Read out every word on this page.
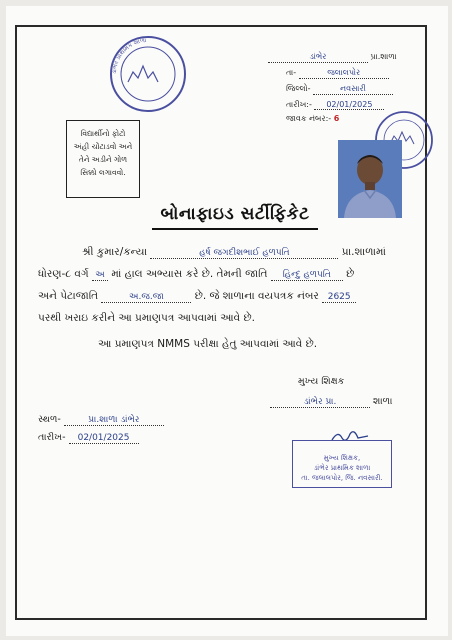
ડાંભેર પ્રાથમિક શાળા
ડાંભેર	પ્રા.શાળા
તા-	જલાલપોર
જિલ્લો-	નવસારી
તારીખ:- 02/01/2025
જાવક નંબર:- 6
વિદ્યાર્થીનો ફોટો
અંહી ચોંટાડવો અને
તેને અડીને ગોળ
સિક્કો લગાવવો.
બોનાફાઇડ સર્ટીફિકેટ
શ્રી કુમાર/કન્યા	હર્ષ જગદીશભાઈ હળપતિ	પ્રા.શાળામાં
ધોરણ-૮ વર્ગ અ માં હાલ અભ્યાસ કરે છે. તેમની જાતિ હિન્દુ હળપતિ છે
અને પેટાજાતિ	અ.જ.જા	છે. જે શાળાના વયપત્રક નંબર 2625
પરથી ખરાઇ કરીને આ પ્રમાણપત્ર આપવામાં આવે છે.
આ પ્રમાણપત્ર NMMS પરીક્ષા હેતુ આપવામાં આવે છે.
મુખ્ય શિક્ષક
ડાંભેર પ્રા.	શાળા
સ્થળ-	પ્રા.શાળા ડાંભેર
તારીખ- 02/01/2025
મુખ્ય શિક્ષક,
ડાંભેર પ્રાથમિક શાળા
તા. જલાલપોર, જિ. નવસારી.
